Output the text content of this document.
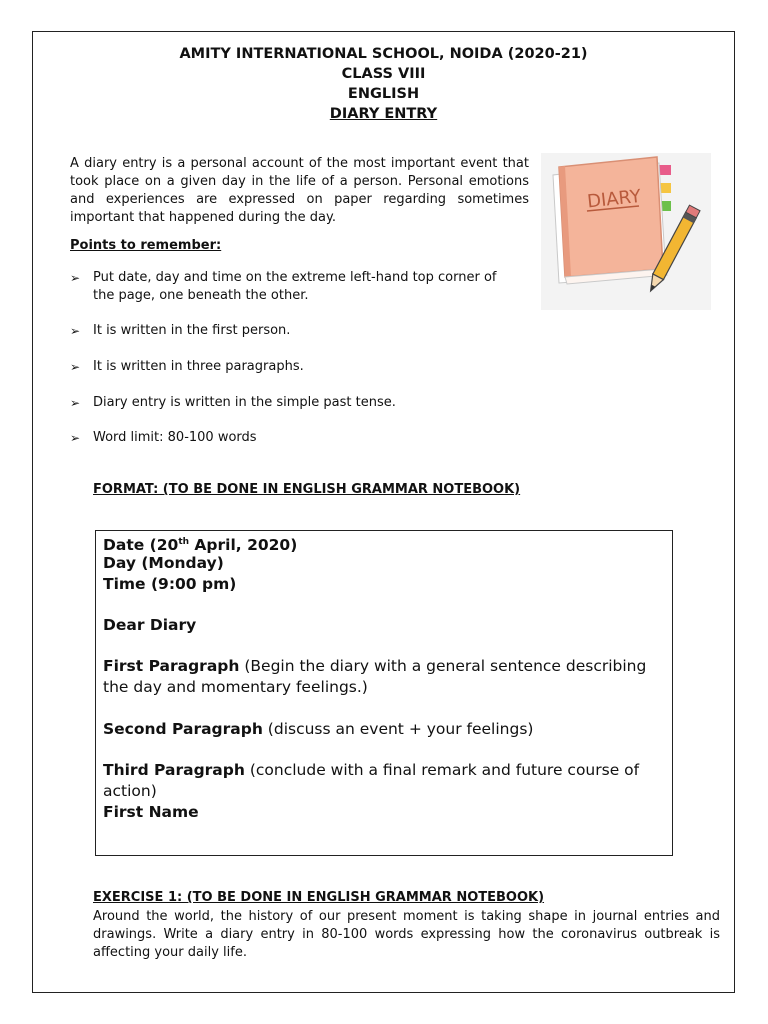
AMITY INTERNATIONAL SCHOOL, NOIDA (2020-21)
CLASS VIII
ENGLISH
DIARY ENTRY
A diary entry is a personal account of the most important event that took place on a given day in the life of a person. Personal emotions and experiences are expressed on paper regarding sometimes important that happened during the day.
DIARY
Points to remember:
➢ Put date, day and time on the extreme left-hand top corner of the page, one beneath the other.
➢ It is written in the first person.
➢ It is written in three paragraphs.
➢ Diary entry is written in the simple past tense.
➢ Word limit: 80-100 words
FORMAT: (TO BE DONE IN ENGLISH GRAMMAR NOTEBOOK)
Date (20th April, 2020)
Day (Monday)
Time (9:00 pm)
Dear Diary
First Paragraph (Begin the diary with a general sentence describing the day and momentary feelings.)
Second Paragraph (discuss an event + your feelings)
Third Paragraph (conclude with a final remark and future course of action)
First Name
EXERCISE 1: (TO BE DONE IN ENGLISH GRAMMAR NOTEBOOK)
Around the world, the history of our present moment is taking shape in journal entries and drawings. Write a diary entry in 80-100 words expressing how the coronavirus outbreak is affecting your daily life.
